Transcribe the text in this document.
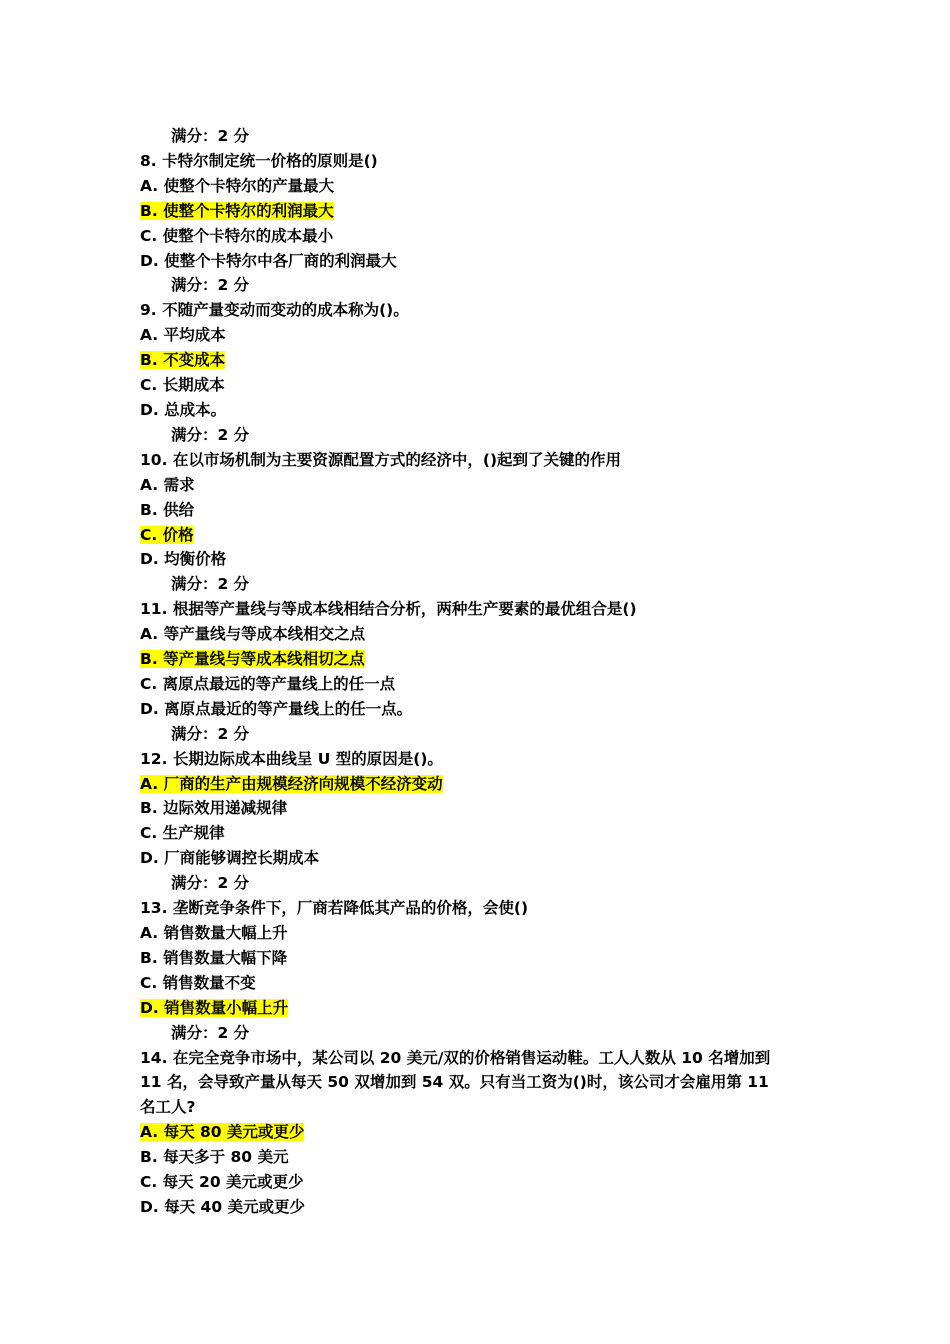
满分：2 分
8. 卡特尔制定统一价格的原则是()
A. 使整个卡特尔的产量最大
B. 使整个卡特尔的利润最大
C. 使整个卡特尔的成本最小
D. 使整个卡特尔中各厂商的利润最大
满分：2 分
9. 不随产量变动而变动的成本称为()。
A. 平均成本
B. 不变成本
C. 长期成本
D. 总成本。
满分：2 分
10. 在以市场机制为主要资源配置方式的经济中，()起到了关键的作用
A. 需求
B. 供给
C. 价格
D. 均衡价格
满分：2 分
11. 根据等产量线与等成本线相结合分析，两种生产要素的最优组合是()
A. 等产量线与等成本线相交之点
B. 等产量线与等成本线相切之点
C. 离原点最远的等产量线上的任一点
D. 离原点最近的等产量线上的任一点。
满分：2 分
12. 长期边际成本曲线呈 U 型的原因是()。
A. 厂商的生产由规模经济向规模不经济变动
B. 边际效用递减规律
C. 生产规律
D. 厂商能够调控长期成本
满分：2 分
13. 垄断竞争条件下，厂商若降低其产品的价格，会使()
A. 销售数量大幅上升
B. 销售数量大幅下降
C. 销售数量不变
D. 销售数量小幅上升
满分：2 分
14. 在完全竞争市场中，某公司以 20 美元/双的价格销售运动鞋。工人人数从 10 名增加到
11 名，会导致产量从每天 50 双增加到 54 双。只有当工资为()时，该公司才会雇用第 11
名工人?
A. 每天 80 美元或更少
B. 每天多于 80 美元
C. 每天 20 美元或更少
D. 每天 40 美元或更少
